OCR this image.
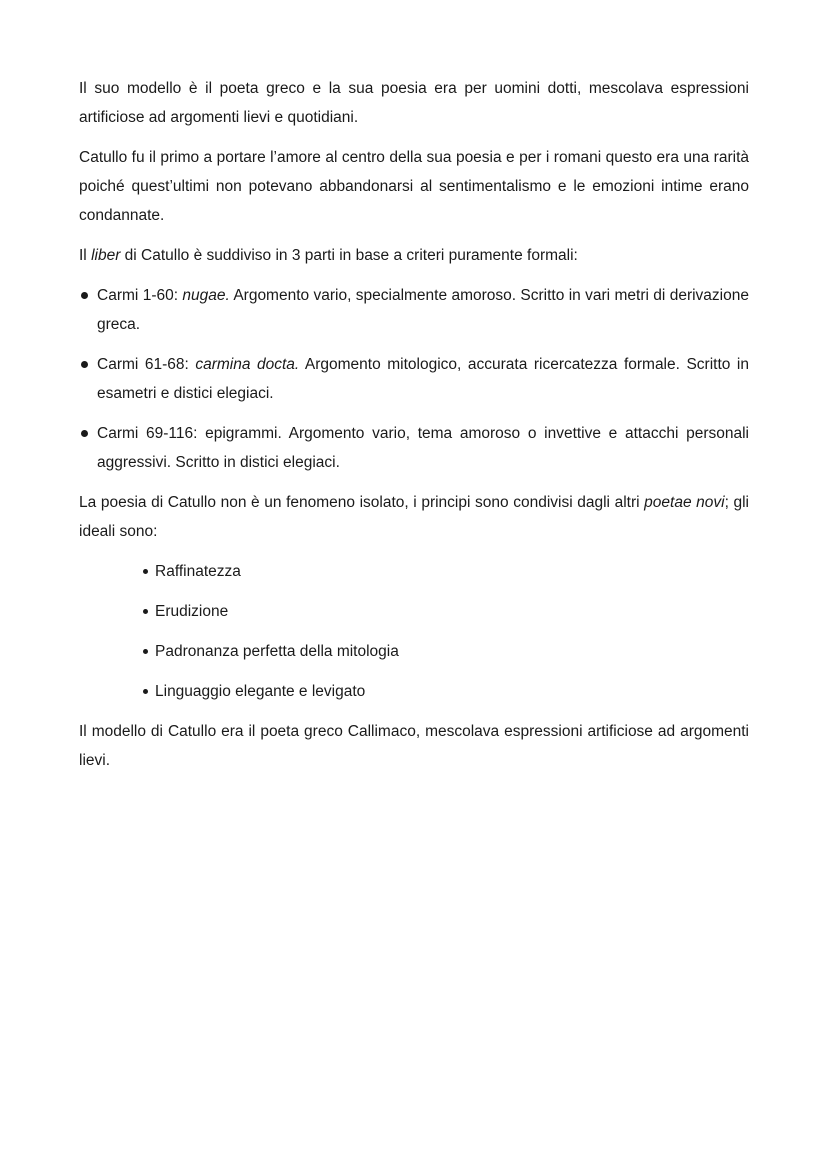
Il suo modello è il poeta greco e la sua poesia era per uomini dotti, mescolava espressioni artificiose ad argomenti lievi e quotidiani.

Catullo fu il primo a portare l’amore al centro della sua poesia e per i romani questo era una rarità poiché quest’ultimi non potevano abbandonarsi al sentimentalismo e le emozioni intime erano condannate.

Il liber di Catullo è suddiviso in 3 parti in base a criteri puramente formali:

Carmi 1-60: nugae. Argomento vario, specialmente amoroso. Scritto in vari metri di derivazione greca.
Carmi 61-68: carmina docta. Argomento mitologico, accurata ricercatezza formale. Scritto in esametri e distici elegiaci.
Carmi 69-116: epigrammi. Argomento vario, tema amoroso o invettive e attacchi personali aggressivi. Scritto in distici elegiaci.

La poesia di Catullo non è un fenomeno isolato, i principi sono condivisi dagli altri poetae novi; gli ideali sono:

Raffinatezza
Erudizione
Padronanza perfetta della mitologia
Linguaggio elegante e levigato

Il modello di Catullo era il poeta greco Callimaco, mescolava espressioni artificiose ad argomenti lievi.
